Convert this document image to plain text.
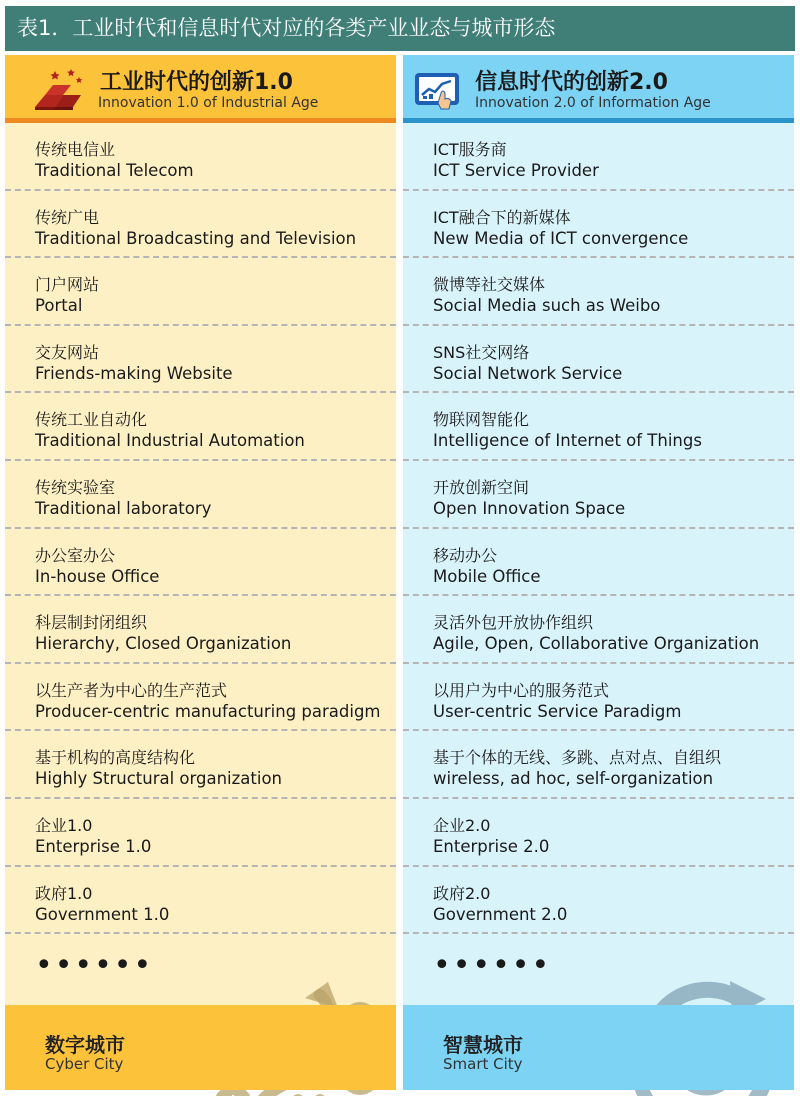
表1．工业时代和信息时代对应的各类产业业态与城市形态
工业时代的创新1.0
Innovation 1.0 of Industrial Age
传统电信业
Traditional Telecom
传统广电
Traditional Broadcasting and Television
门户网站
Portal
交友网站
Friends-making Website
传统工业自动化
Traditional Industrial Automation
传统实验室
Traditional laboratory
办公室办公
In-house Office
科层制封闭组织
Hierarchy, Closed Organization
以生产者为中心的生产范式
Producer-centric manufacturing paradigm
基于机构的高度结构化
Highly Structural organization
企业1.0
Enterprise 1.0
政府1.0
Government 1.0
••••••
数字城市
Cyber City
信息时代的创新2.0
Innovation 2.0 of Information Age
ICT服务商
ICT Service Provider
ICT融合下的新媒体
New Media of ICT convergence
微博等社交媒体
Social Media such as Weibo
SNS社交网络
Social Network Service
物联网智能化
Intelligence of Internet of Things
开放创新空间
Open Innovation Space
移动办公
Mobile Office
灵活外包开放协作组织
Agile, Open, Collaborative Organization
以用户为中心的服务范式
User-centric Service Paradigm
基于个体的无线、多跳、点对点、自组织
wireless, ad hoc, self-organization
企业2.0
Enterprise 2.0
政府2.0
Government 2.0
••••••
智慧城市
Smart City
